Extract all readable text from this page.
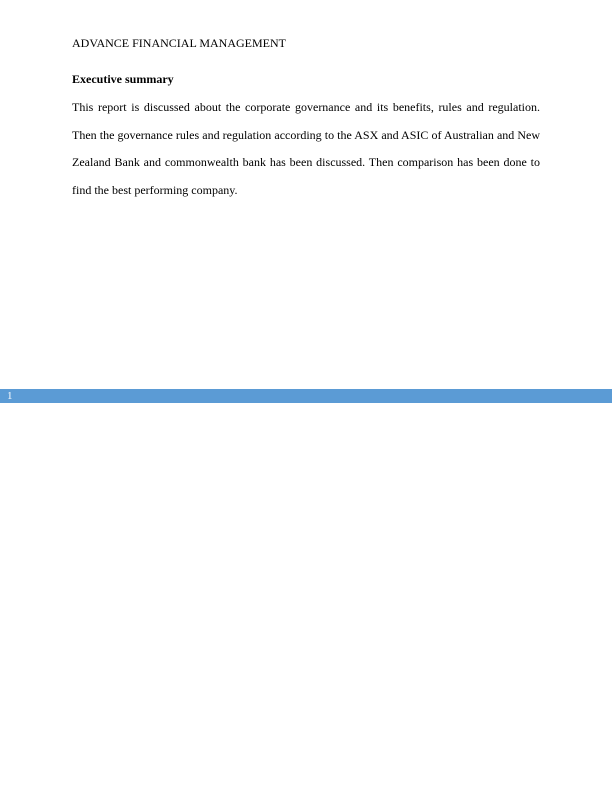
ADVANCE FINANCIAL MANAGEMENT
Executive summary

This report is discussed about the corporate governance and its benefits, rules and regulation. Then the governance rules and regulation according to the ASX and ASIC of Australian and New Zealand Bank and commonwealth bank has been discussed. Then comparison has been done to find the best performing company.

1
